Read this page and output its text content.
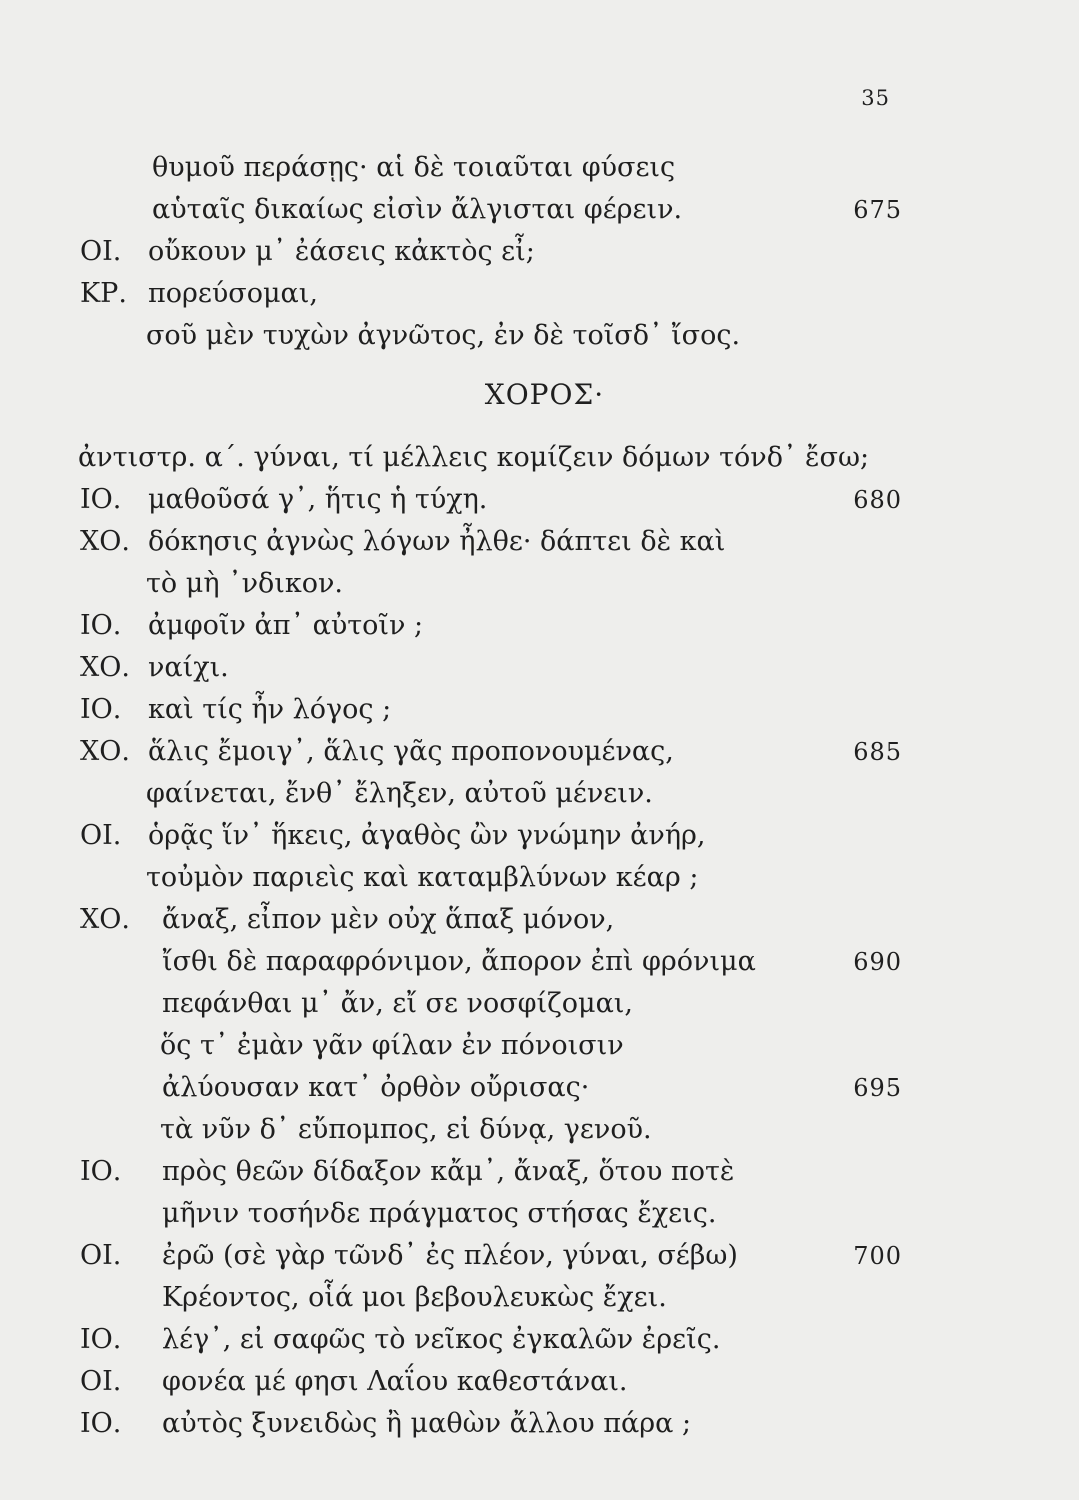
35
ΧΟΡΟΣ·
θυμοῦ περάσῃς· αἱ δὲ τοιαῦται φύσεις
αὑταῖς δικαίως εἰσὶν ἄλγισται φέρειν.	675
ΟΙ. οὔκουν μ᾽ ἐάσεις κἀκτὸς εἶ;
ΚΡ. πορεύσομαι,
σοῦ μὲν τυχὼν ἀγνῶτος, ἐν δὲ τοῖσδ᾽ ἴσος.
ἀντιστρ. α΄. γύναι, τί μέλλεις κομίζειν δόμων τόνδ᾽ ἔσω;
ΙΟ. μαθοῦσά γ᾽, ἥτις ἡ τύχη.	680
ΧΟ. δόκησις ἀγνὼς λόγων ἦλθε· δάπτει δὲ καὶ
τὸ μὴ ᾽νδικον.
ΙΟ. ἀμφοῖν ἀπ᾽ αὐτοῖν ;
ΧΟ. ναίχι.
ΙΟ. καὶ τίς ἦν λόγος ;
ΧΟ. ἅλις ἔμοιγ᾽, ἅλις γᾶς προπονουμένας,	685
φαίνεται, ἔνθ᾽ ἔληξεν, αὐτοῦ μένειν.
ΟΙ. ὁρᾷς ἵν᾽ ἥκεις, ἀγαθὸς ὢν γνώμην ἀνήρ,
τοὐμὸν παριεὶς καὶ καταμβλύνων κέαρ ;
ΧΟ. ἄναξ, εἶπον μὲν οὐχ ἅπαξ μόνον,
ἴσθι δὲ παραφρόνιμον, ἄπορον ἐπὶ φρόνιμα	690
πεφάνθαι μ᾽ ἄν, εἴ σε νοσφίζομαι,
ὅς τ᾽ ἐμὰν γᾶν φίλαν ἐν πόνοισιν
ἀλύουσαν κατ᾽ ὀρθὸν οὔρισας·	695
τὰ νῦν δ᾽ εὔπομπος, εἰ δύνᾳ, γενοῦ.
ΙΟ. πρὸς θεῶν δίδαξον κἄμ᾽, ἄναξ, ὅτου ποτὲ
μῆνιν τοσήνδε πράγματος στήσας ἔχεις.
ΟΙ. ἐρῶ (σὲ γὰρ τῶνδ᾽ ἐς πλέον, γύναι, σέβω)	700
Κρέοντος, οἷά μοι βεβουλευκὼς ἔχει.
ΙΟ. λέγ᾽, εἰ σαφῶς τὸ νεῖκος ἐγκαλῶν ἐρεῖς.
ΟΙ. φονέα μέ φησι Λαΐου καθεστάναι.
ΙΟ. αὐτὸς ξυνειδὼς ἢ μαθὼν ἄλλου πάρα ;
